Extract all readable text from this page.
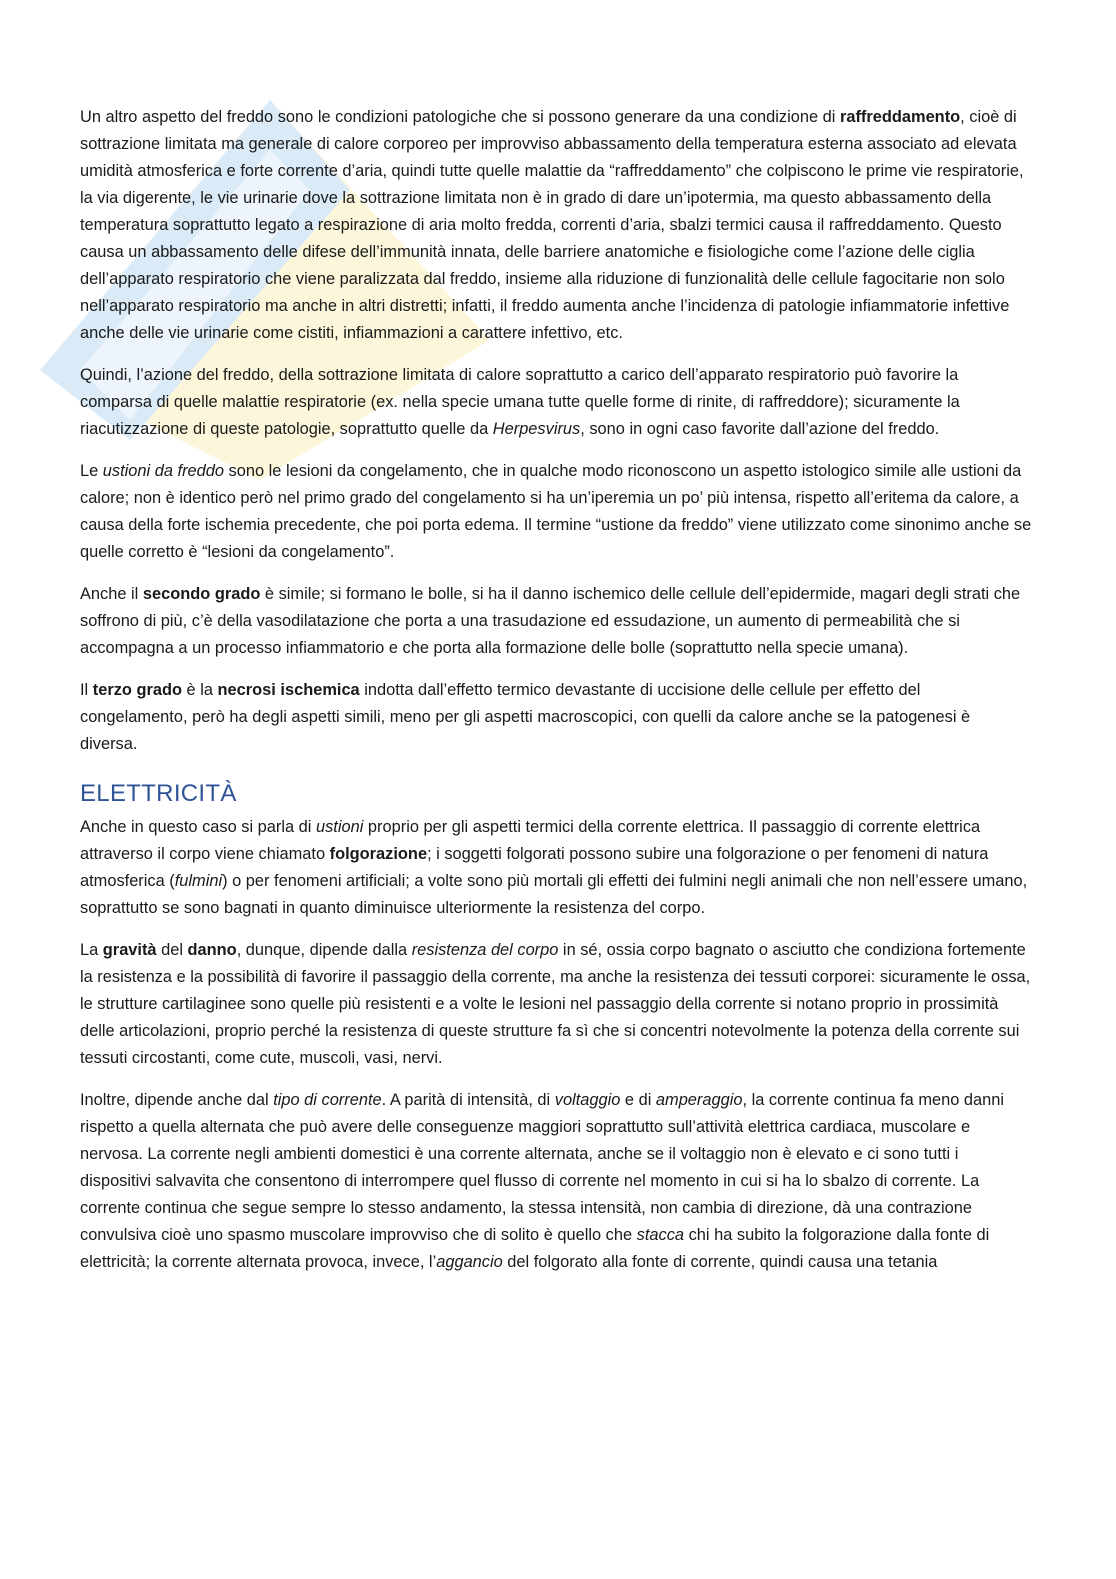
Un altro aspetto del freddo sono le condizioni patologiche che si possono generare da una condizione di raffreddamento, cioè di sottrazione limitata ma generale di calore corporeo per improvviso abbassamento della temperatura esterna associato ad elevata umidità atmosferica e forte corrente d’aria, quindi tutte quelle malattie da “raffreddamento” che colpiscono le prime vie respiratorie, la via digerente, le vie urinarie dove la sottrazione limitata non è in grado di dare un’ipotermia, ma questo abbassamento della temperatura soprattutto legato a respirazione di aria molto fredda, correnti d’aria, sbalzi termici causa il raffreddamento. Questo causa un abbassamento delle difese dell’immunità innata, delle barriere anatomiche e fisiologiche come l’azione delle ciglia dell’apparato respiratorio che viene paralizzata dal freddo, insieme alla riduzione di funzionalità delle cellule fagocitarie non solo nell’apparato respiratorio ma anche in altri distretti; infatti, il freddo aumenta anche l’incidenza di patologie infiammatorie infettive anche delle vie urinarie come cistiti, infiammazioni a carattere infettivo, etc.

Quindi, l’azione del freddo, della sottrazione limitata di calore soprattutto a carico dell’apparato respiratorio può favorire la comparsa di quelle malattie respiratorie (ex. nella specie umana tutte quelle forme di rinite, di raffreddore); sicuramente la riacutizzazione di queste patologie, soprattutto quelle da Herpesvirus, sono in ogni caso favorite dall’azione del freddo.

Le ustioni da freddo sono le lesioni da congelamento, che in qualche modo riconoscono un aspetto istologico simile alle ustioni da calore; non è identico però nel primo grado del congelamento si ha un’iperemia un po’ più intensa, rispetto all’eritema da calore, a causa della forte ischemia precedente, che poi porta edema. Il termine “ustione da freddo” viene utilizzato come sinonimo anche se quelle corretto è “lesioni da congelamento”.

Anche il secondo grado è simile; si formano le bolle, si ha il danno ischemico delle cellule dell’epidermide, magari degli strati che soffrono di più, c’è della vasodilatazione che porta a una trasudazione ed essudazione, un aumento di permeabilità che si accompagna a un processo infiammatorio e che porta alla formazione delle bolle (soprattutto nella specie umana).

Il terzo grado è la necrosi ischemica indotta dall’effetto termico devastante di uccisione delle cellule per effetto del congelamento, però ha degli aspetti simili, meno per gli aspetti macroscopici, con quelli da calore anche se la patogenesi è diversa.

ELETTRICITÀ

Anche in questo caso si parla di ustioni proprio per gli aspetti termici della corrente elettrica. Il passaggio di corrente elettrica attraverso il corpo viene chiamato folgorazione; i soggetti folgorati possono subire una folgorazione o per fenomeni di natura atmosferica (fulmini) o per fenomeni artificiali; a volte sono più mortali gli effetti dei fulmini negli animali che non nell’essere umano, soprattutto se sono bagnati in quanto diminuisce ulteriormente la resistenza del corpo.

La gravità del danno, dunque, dipende dalla resistenza del corpo in sé, ossia corpo bagnato o asciutto che condiziona fortemente la resistenza e la possibilità di favorire il passaggio della corrente, ma anche la resistenza dei tessuti corporei: sicuramente le ossa, le strutture cartilaginee sono quelle più resistenti e a volte le lesioni nel passaggio della corrente si notano proprio in prossimità delle articolazioni, proprio perché la resistenza di queste strutture fa sì che si concentri notevolmente la potenza della corrente sui tessuti circostanti, come cute, muscoli, vasi, nervi.

Inoltre, dipende anche dal tipo di corrente. A parità di intensità, di voltaggio e di amperaggio, la corrente continua fa meno danni rispetto a quella alternata che può avere delle conseguenze maggiori soprattutto sull’attività elettrica cardiaca, muscolare e nervosa. La corrente negli ambienti domestici è una corrente alternata, anche se il voltaggio non è elevato e ci sono tutti i dispositivi salvavita che consentono di interrompere quel flusso di corrente nel momento in cui si ha lo sbalzo di corrente. La corrente continua che segue sempre lo stesso andamento, la stessa intensità, non cambia di direzione, dà una contrazione convulsiva cioè uno spasmo muscolare improvviso che di solito è quello che stacca chi ha subito la folgorazione dalla fonte di elettricità; la corrente alternata provoca, invece, l’aggancio del folgorato alla fonte di corrente, quindi causa una tetania
